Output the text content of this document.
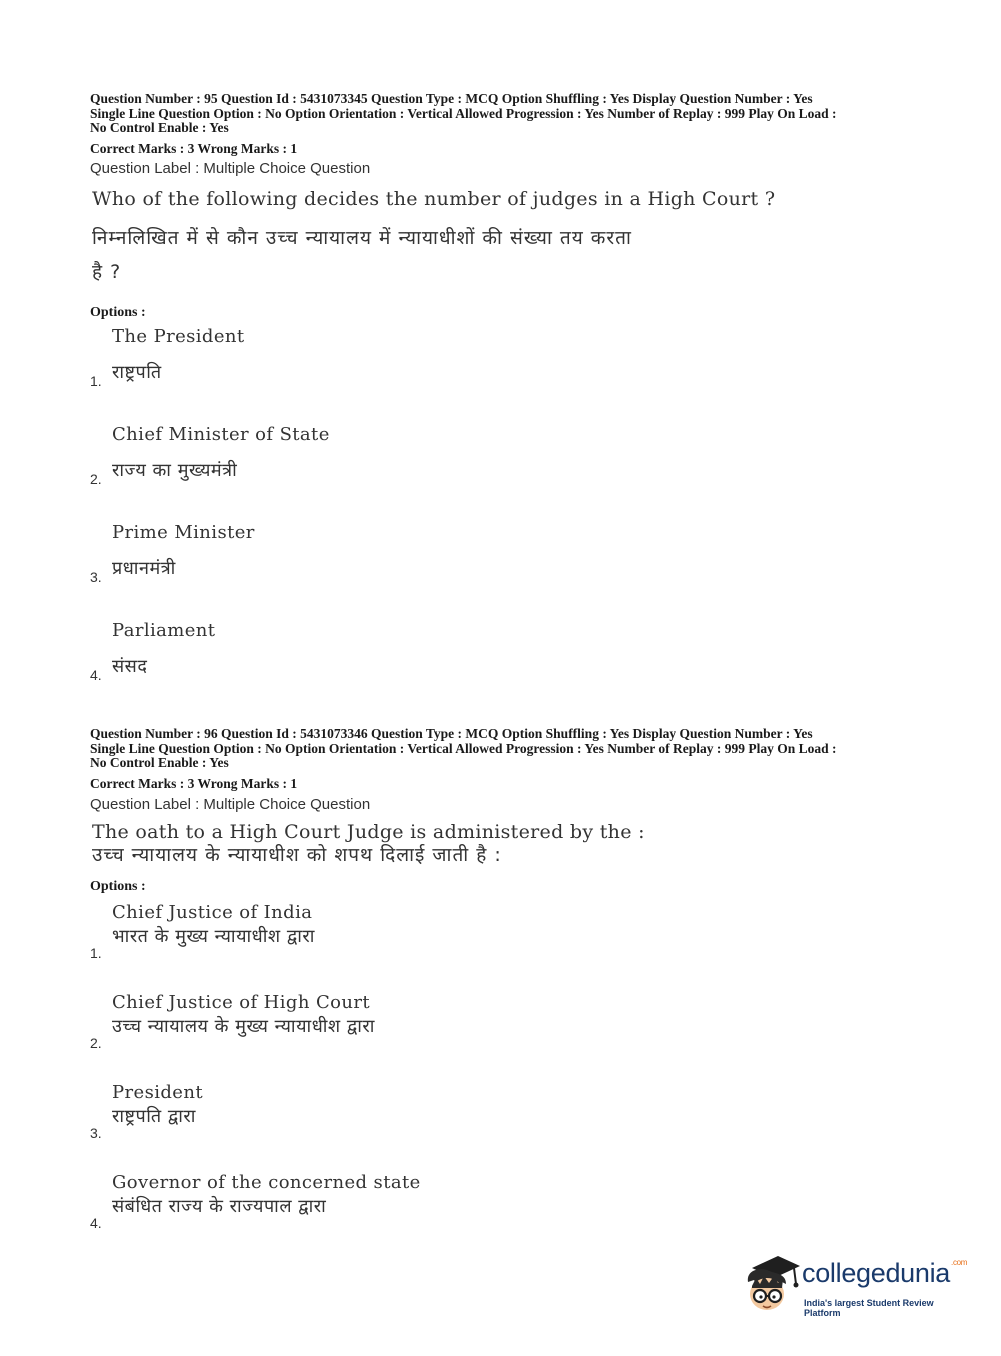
Question Number : 95 Question Id : 5431073345 Question Type : MCQ Option Shuffling : Yes Display Question Number : Yes
Single Line Question Option : No Option Orientation : Vertical Allowed Progression : Yes Number of Replay : 999 Play On Load :
No Control Enable : Yes

Correct Marks : 3 Wrong Marks : 1
Question Label : Multiple Choice Question
Who of the following decides the number of judges in a High Court ?
निम्नलिखित में से कौन उच्च न्यायालय में न्यायाधीशों की संख्या तय करता
है ?
Options :
1.
The President
राष्ट्रपति
2.
Chief Minister of State
राज्य का मुख्यमंत्री
3.
Prime Minister
प्रधानमंत्री
4.
Parliament
संसद

Question Number : 96 Question Id : 5431073346 Question Type : MCQ Option Shuffling : Yes Display Question Number : Yes
Single Line Question Option : No Option Orientation : Vertical Allowed Progression : Yes Number of Replay : 999 Play On Load :
No Control Enable : Yes

Correct Marks : 3 Wrong Marks : 1
Question Label : Multiple Choice Question
The oath to a High Court Judge is administered by the :
उच्च न्यायालय के न्यायाधीश को शपथ दिलाई जाती है :
Options :
1.
Chief Justice of India
भारत के मुख्य न्यायाधीश द्वारा
2.
Chief Justice of High Court
उच्च न्यायालय के मुख्य न्यायाधीश द्वारा
3.
President
राष्ट्रपति द्वारा
4.
Governor of the concerned state
संबंधित राज्य के राज्यपाल द्वारा
collegedunia$^{.com}$
India's largest Student Review Platform
